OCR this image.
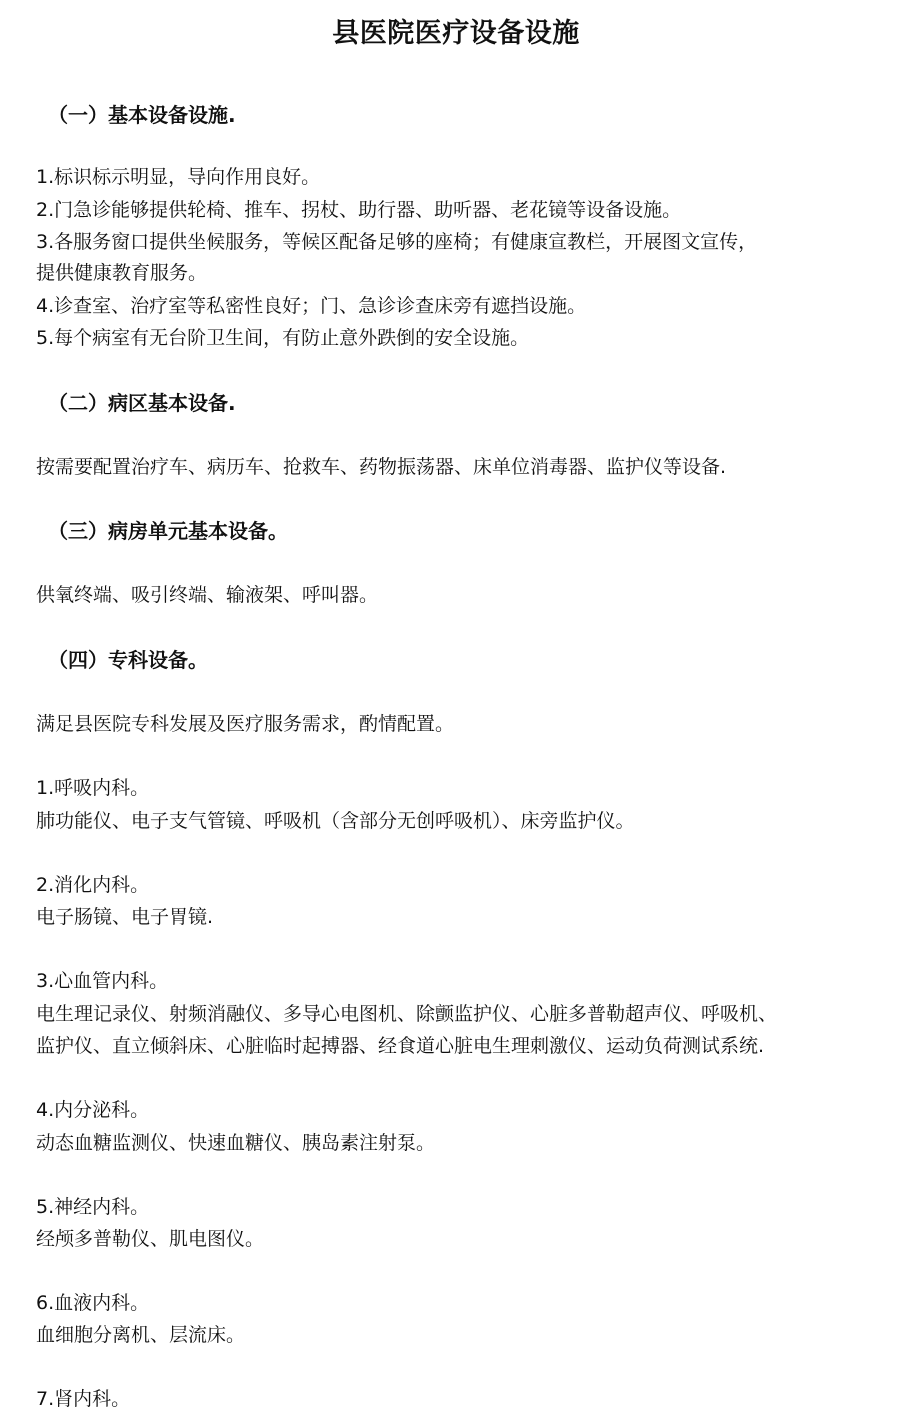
县医院医疗设备设施
（一）基本设备设施.
1.标识标示明显，导向作用良好。
2.门急诊能够提供轮椅、推车、拐杖、助行器、助听器、老花镜等设备设施。
3.各服务窗口提供坐候服务，等候区配备足够的座椅；有健康宣教栏，开展图文宣传，
提供健康教育服务。
4.诊查室、治疗室等私密性良好；门、急诊诊查床旁有遮挡设施。
5.每个病室有无台阶卫生间，有防止意外跌倒的安全设施。
（二）病区基本设备.
按需要配置治疗车、病历车、抢救车、药物振荡器、床单位消毒器、监护仪等设备.
（三）病房单元基本设备。
供氧终端、吸引终端、输液架、呼叫器。
（四）专科设备。
满足县医院专科发展及医疗服务需求，酌情配置。
1.呼吸内科。
肺功能仪、电子支气管镜、呼吸机（含部分无创呼吸机）、床旁监护仪。
2.消化内科。
电子肠镜、电子胃镜.
3.心血管内科。
电生理记录仪、射频消融仪、多导心电图机、除颤监护仪、心脏多普勒超声仪、呼吸机、
监护仪、直立倾斜床、心脏临时起搏器、经食道心脏电生理刺激仪、运动负荷测试系统.
4.内分泌科。
动态血糖监测仪、快速血糖仪、胰岛素注射泵。
5.神经内科。
经颅多普勒仪、肌电图仪。
6.血液内科。
血细胞分离机、层流床。
7.肾内科。
